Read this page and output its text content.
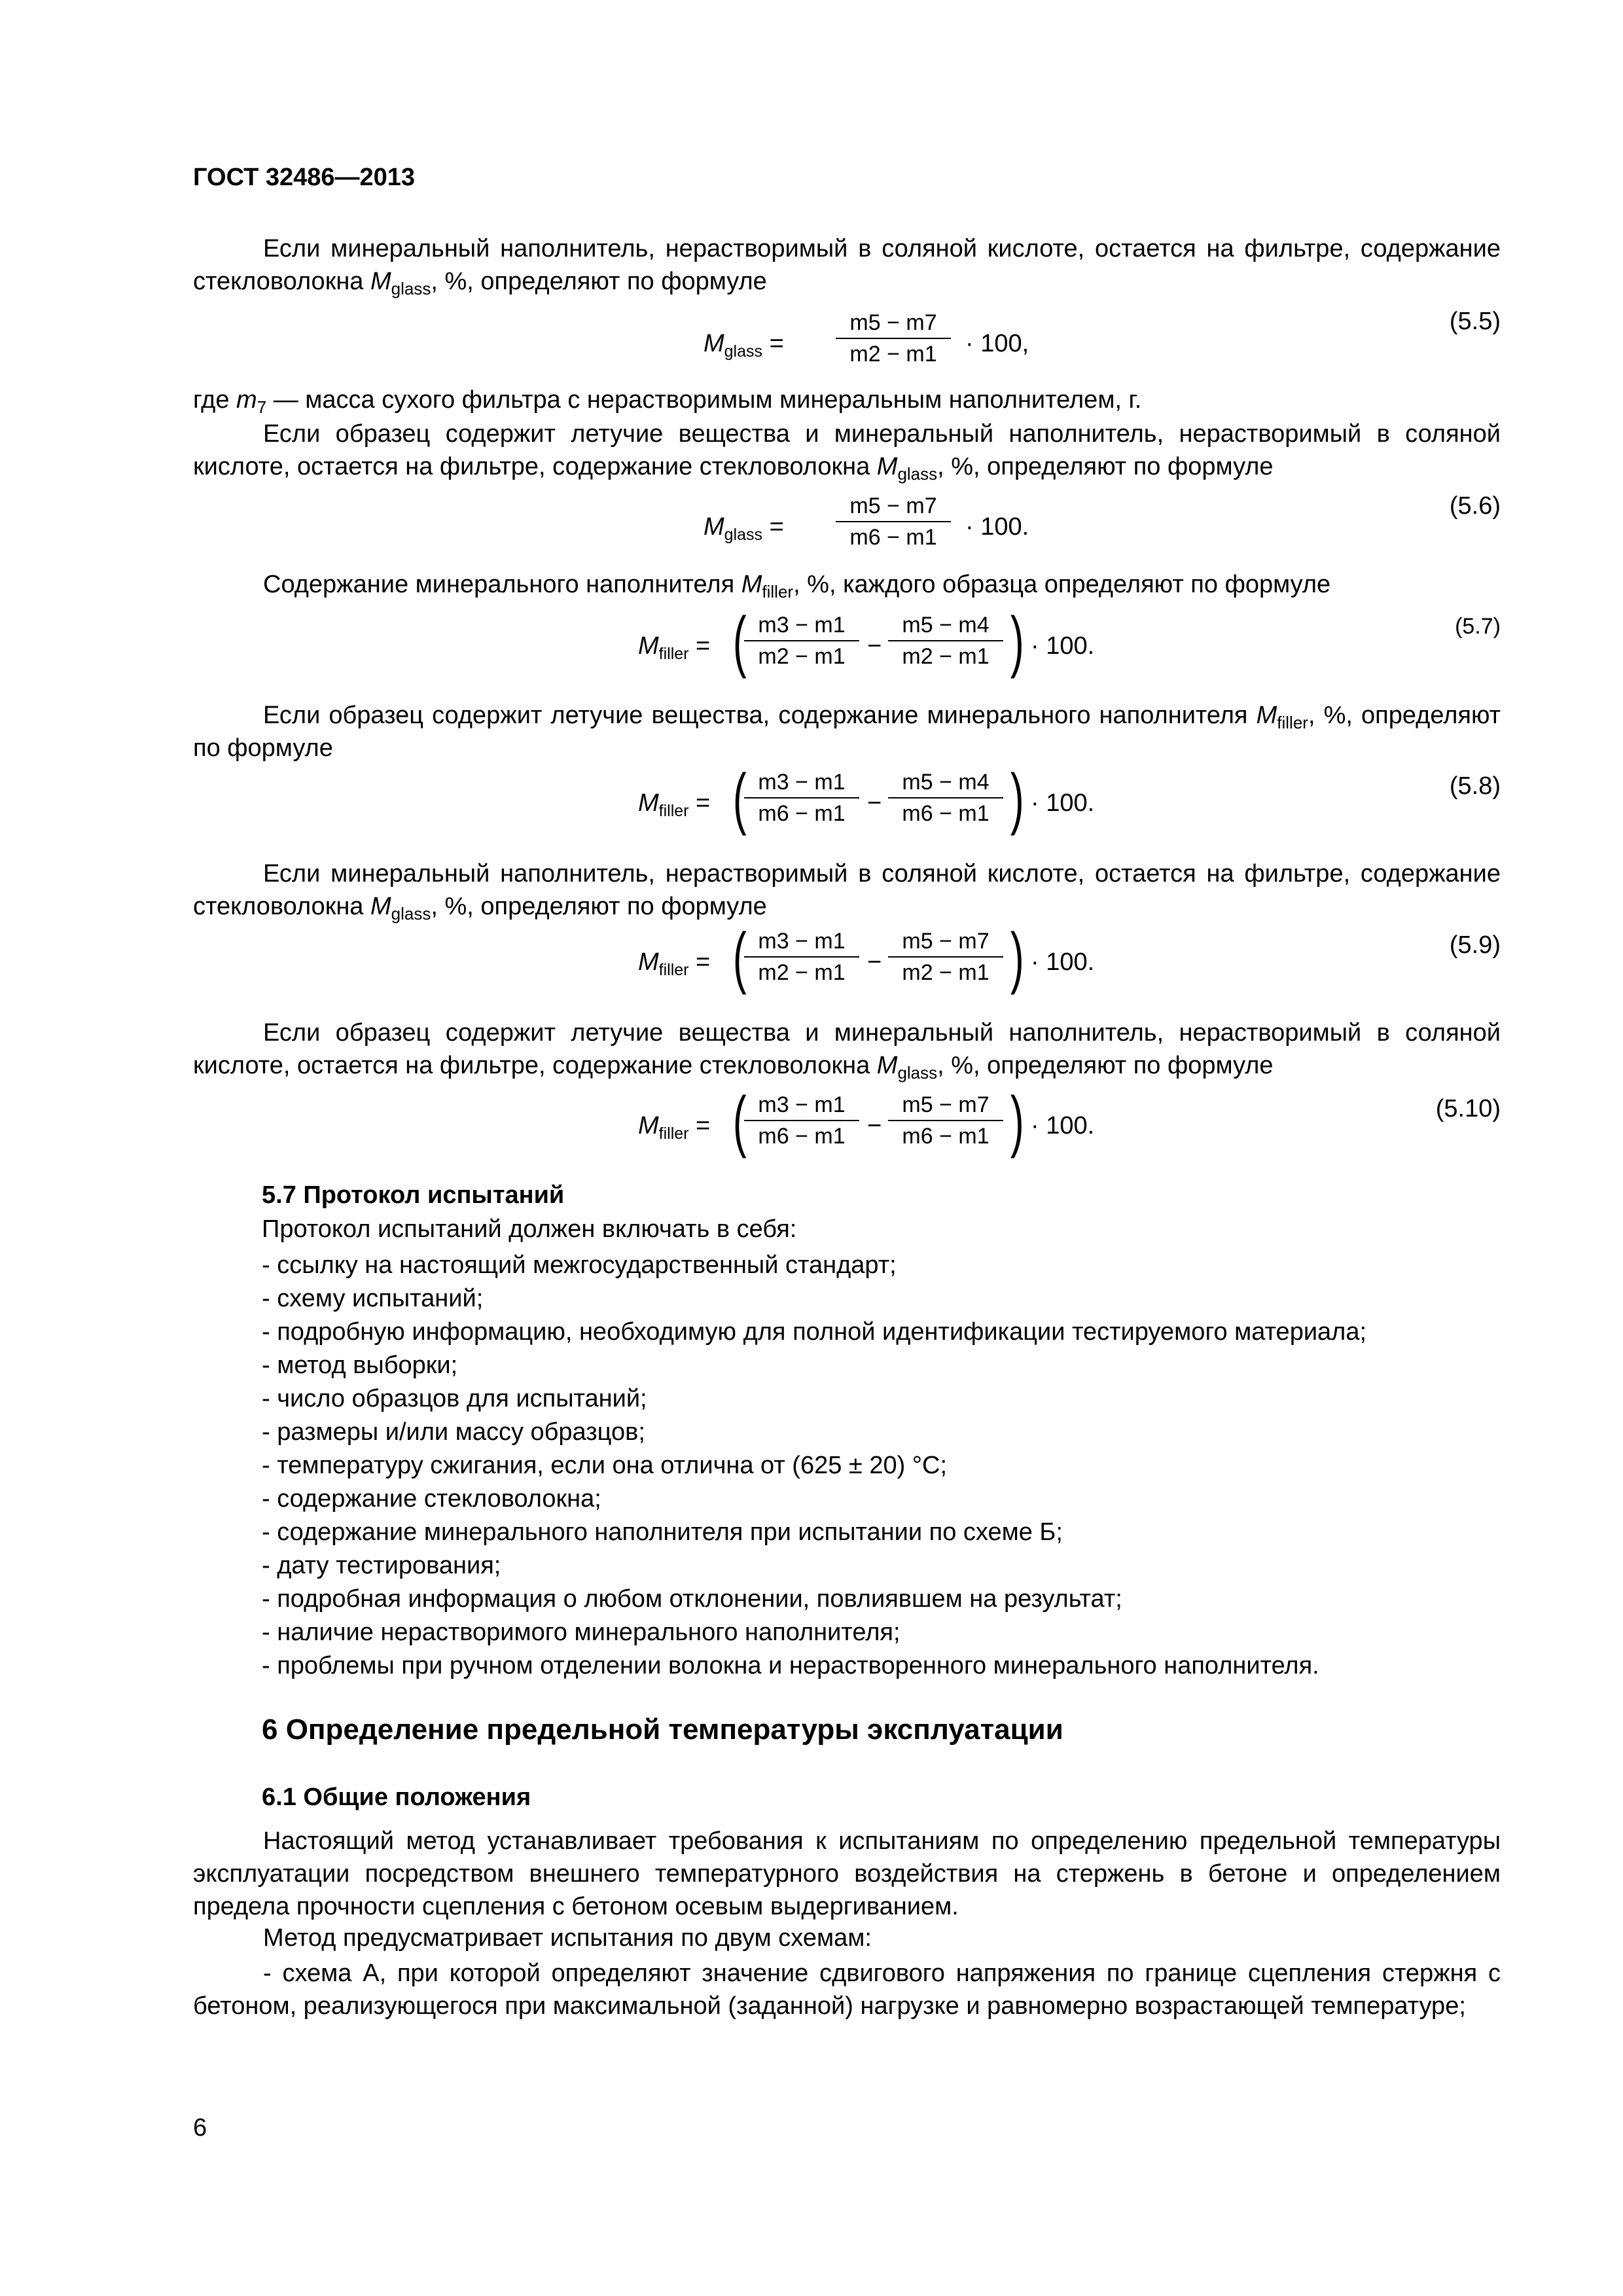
ГОСТ 32486—2013
Если минеральный наполнитель, нерастворимый в соляной кислоте, остается на фильтре, содержание стекловолокна $M_{glass}$, %, определяют по формуле
$M_{glass}$ =
m5 − m7
m2 − m1	· 100,
(5.5)
где $m_7$ — масса сухого фильтра с нерастворимым минеральным наполнителем, г.
Если образец содержит летучие вещества и минеральный наполнитель, нерастворимый в соляной кислоте, остается на фильтре, содержание стекловолокна $M_{glass}$, %, определяют по формуле
$M_{glass}$ =
m5 − m7
m6 − m1	· 100.
(5.6)
Содержание минерального наполнителя $M_{filler}$, %, каждого образца определяют по формуле
$M_{filler}$ = ( m3 − m1
m2 − m1 −
m5 − m4
m2 − m1 ) · 100.
(5.7)
Если образец содержит летучие вещества, содержание минерального наполнителя $M_{filler}$, %, определяют по формуле
$M_{filler}$ = ( m3 − m1
m6 − m1 −
m5 − m4
m6 − m1 ) · 100.
(5.8)
Если минеральный наполнитель, нерастворимый в соляной кислоте, остается на фильтре, содержание стекловолокна $M_{glass}$, %, определяют по формуле
$M_{filler}$ = ( m3 − m1
m2 − m1 −
m5 − m7
m2 − m1 ) · 100.
(5.9)
Если образец содержит летучие вещества и минеральный наполнитель, нерастворимый в соляной кислоте, остается на фильтре, содержание стекловолокна $M_{glass}$, %, определяют по формуле
$M_{filler}$ = ( m3 − m1
m6 − m1 −
m5 − m7
m6 − m1 ) · 100.
(5.10)
5.7 Протокол испытаний
Протокол испытаний должен включать в себя:
- ссылку на настоящий межгосударственный стандарт;
- схему испытаний;
- подробную информацию, необходимую для полной идентификации тестируемого материала;
- метод выборки;
- число образцов для испытаний;
- размеры и/или массу образцов;
- температуру сжигания, если она отлична от (625 ± 20) °С;
- содержание стекловолокна;
- содержание минерального наполнителя при испытании по схеме Б;
- дату тестирования;
- подробная информация о любом отклонении, повлиявшем на результат;
- наличие нерастворимого минерального наполнителя;
- проблемы при ручном отделении волокна и нерастворенного минерального наполнителя.
6 Определение предельной температуры эксплуатации
6.1 Общие положения
Настоящий метод устанавливает требования к испытаниям по определению предельной температуры эксплуатации посредством внешнего температурного воздействия на стержень в бетоне и определением предела прочности сцепления с бетоном осевым выдергиванием.
Метод предусматривает испытания по двум схемам:
- схема А, при которой определяют значение сдвигового напряжения по границе сцепления стержня с бетоном, реализующегося при максимальной (заданной) нагрузке и равномерно возрастающей температуре;
6
